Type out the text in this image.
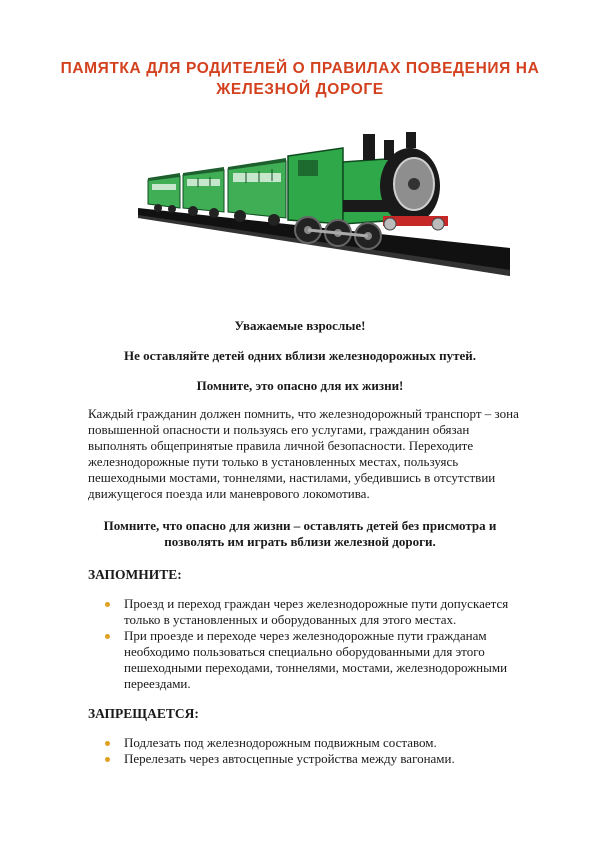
ПАМЯТКА ДЛЯ РОДИТЕЛЕЙ О ПРАВИЛАХ ПОВЕДЕНИЯ НА
ЖЕЛЕЗНОЙ ДОРОГЕ
Уважаемые взрослые!
Не оставляйте детей одних вблизи железнодорожных путей.
Помните, это опасно для их жизни!
Каждый гражданин должен помнить, что железнодорожный транспорт – зона
повышенной опасности и пользуясь его услугами, гражданин обязан
выполнять общепринятые правила личной безопасности. Переходите
железнодорожные пути только в установленных местах, пользуясь
пешеходными мостами, тоннелями, настилами, убедившись в отсутствии
движущегося поезда или маневрового локомотива.
Помните, что опасно для жизни – оставлять детей без присмотра и
позволять им играть вблизи железной дороги.
ЗАПОМНИТЕ:
Проезд и переход граждан через железнодорожные пути допускается
только в установленных и оборудованных для этого местах.
При проезде и переходе через железнодорожные пути гражданам
необходимо пользоваться специально оборудованными для этого
пешеходными переходами, тоннелями, мостами, железнодорожными
переездами.
ЗАПРЕЩАЕТСЯ:
Подлезать под железнодорожным подвижным составом.
Перелезать через автосцепные устройства между вагонами.
